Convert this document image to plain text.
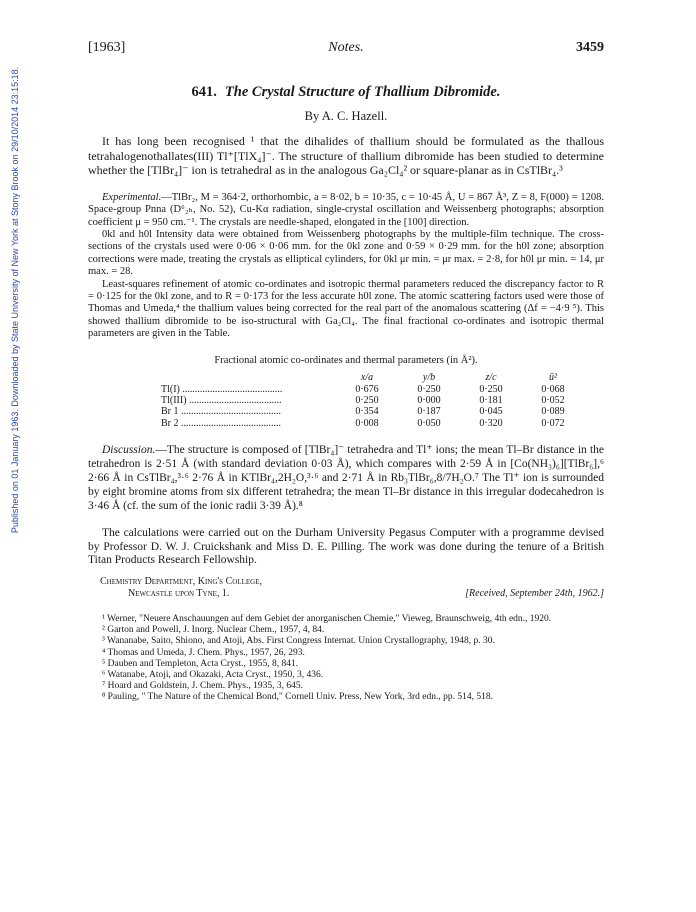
Published on 01 January 1963. Downloaded by State University of New York at Stony Brook on 29/10/2014 23:15:18.
[1963]	Notes.	3459
641. The Crystal Structure of Thallium Dibromide.
By A. C. Hazell.

It has long been recognised ¹ that the dihalides of thallium should be formulated as the thallous tetrahalogenothallates(III) Tl⁺[TlX₄]⁻. The structure of thallium dibromide has been studied to determine whether the [TlBr₄]⁻ ion is tetrahedral as in the analogous Ga₂Cl₄² or square-planar as in CsTlBr₄.³

Experimental.—TlBr₂, M = 364·2, orthorhombic, a = 8·02, b = 10·35, c = 10·45 Å, U = 867 Å³, Z = 8, F(000) = 1208. Space-group Pnna (D⁶₂ₕ, No. 52), Cu-Kα radiation, single-crystal oscillation and Weissenberg photographs; absorption coefficient μ = 950 cm.⁻¹. The crystals are needle-shaped, elongated in the [100] direction.

0kl and h0l Intensity data were obtained from Weissenberg photographs by the multiple-film technique. The cross-sections of the crystals used were 0·06 × 0·06 mm. for the 0kl zone and 0·59 × 0·29 mm. for the h0l zone; absorption corrections were made, treating the crystals as elliptical cylinders, for 0kl μr min. = μr max. = 2·8, for h0l μr min. = 14, μr max. = 28.

Least-squares refinement of atomic co-ordinates and isotropic thermal parameters reduced the discrepancy factor to R = 0·125 for the 0kl zone, and to R = 0·173 for the less accurate h0l zone. The atomic scattering factors used were those of Thomas and Umeda,⁴ the thallium values being corrected for the real part of the anomalous scattering (Δf = −4·9 ⁵). This showed thallium dibromide to be iso-structural with Ga₂Cl₄. The final fractional co-ordinates and isotropic thermal parameters are given in the Table.

Fractional atomic co-ordinates and thermal parameters (in Å²).
	x/a	y/b	z/c	ū²
Tl(I) ........................................	0·676	0·250	0·250	0·068
Tl(III) .....................................	0·250	0·000	0·181	0·052
Br 1 ........................................	0·354	0·187	0·045	0·089
Br 2 ........................................	0·008	0·050	0·320	0·072

Discussion.—The structure is composed of [TlBr₄]⁻ tetrahedra and Tl⁺ ions; the mean Tl–Br distance in the tetrahedron is 2·51 Å (with standard deviation 0·03 Å), which compares with 2·59 Å in [Co(NH₃)₆][TlBr₆],⁶ 2·66 Å in CsTlBr₄,³·⁶ 2·76 Å in KTlBr₄,2H₂O,³·⁶ and 2·71 Å in Rb₃TlBr₆,8/7H₂O.⁷ The Tl⁺ ion is surrounded by eight bromine atoms from six different tetrahedra; the mean Tl–Br distance in this irregular dodecahedron is 3·46 Å (cf. the sum of the ionic radii 3·39 Å).⁸

The calculations were carried out on the Durham University Pegasus Computer with a programme devised by Professor D. W. J. Cruickshank and Miss D. E. Pilling. The work was done during the tenure of a British Titan Products Research Fellowship.

Chemistry Department, King's College,
Newcastle upon Tyne, 1.	[Received, September 24th, 1962.]
¹ Werner, "Neuere Anschauungen auf dem Gebiet der anorganischen Chemie," Vieweg, Braunschweig, 4th edn., 1920.
² Garton and Powell, J. Inorg. Nuclear Chem., 1957, 4, 84.
³ Wananabe, Saito, Shiono, and Atoji, Abs. First Congress Internat. Union Crystallography, 1948, p. 30.
⁴ Thomas and Umeda, J. Chem. Phys., 1957, 26, 293.
⁵ Dauben and Templeton, Acta Cryst., 1955, 8, 841.
⁶ Watanabe, Atoji, and Okazaki, Acta Cryst., 1950, 3, 436.
⁷ Hoard and Goldstein, J. Chem. Phys., 1935, 3, 645.
⁸ Pauling, " The Nature of the Chemical Bond," Cornell Univ. Press, New York, 3rd edn., pp. 514, 518.
